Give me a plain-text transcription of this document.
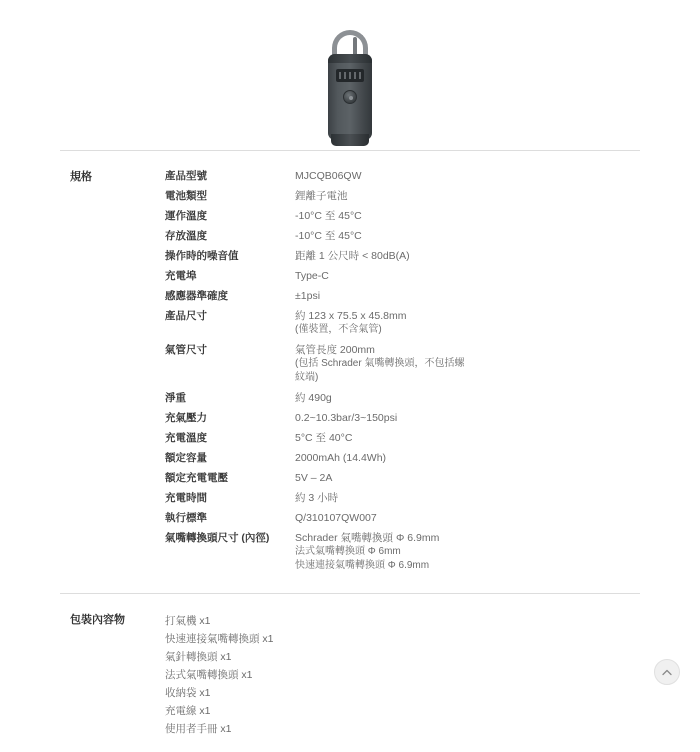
規格	產品型號	MJCQB06QW
電池類型	鋰離子電池
運作溫度	-10°C 至 45°C
存放溫度	-10°C 至 45°C
操作時的噪音值	距離 1 公尺時 < 80dB(A)
充電埠	Type-C
感應器準確度	±1psi
產品尺寸	約 123 x 75.5 x 45.8mm
(僅裝置，不含氣管)
氣管尺寸	氣管長度 200mm
(包括 Schrader 氣嘴轉換頭，不包括螺
紋端)
淨重	約 490g
充氣壓力	0.2~10.3bar/3~150psi
充電溫度	5°C 至 40°C
額定容量	2000mAh (14.4Wh)
額定充電電壓	5V – 2A
充電時間	約 3 小時
執行標準	Q/310107QW007
氣嘴轉換頭尺寸 (內徑)	Schrader 氣嘴轉換頭 Φ 6.9mm
法式氣嘴轉換頭 Φ 6mm
快速連接氣嘴轉換頭 Φ 6.9mm
包裝內容物	打氣機 x1
快速連接氣嘴轉換頭 x1
氣針轉換頭 x1
法式氣嘴轉換頭 x1
收納袋 x1
充電線 x1
使用者手冊 x1
